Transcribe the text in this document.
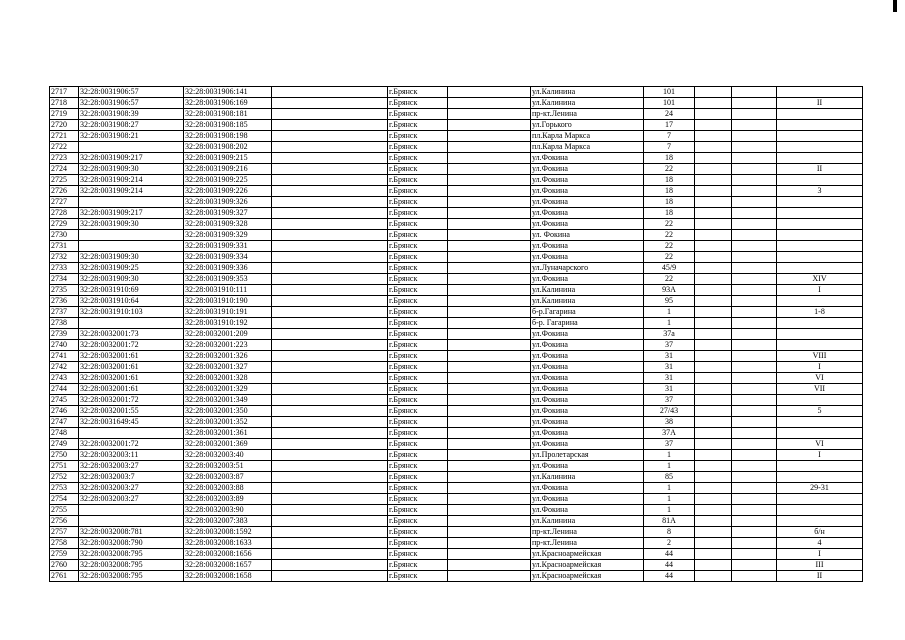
2717	32:28:0031906:57	32:28:0031906:141		г.Брянск		ул.Калинина	101			
2718	32:28:0031906:57	32:28:0031906:169		г.Брянск		ул.Калинина	101			II
2719	32:28:0031908:39	32:28:0031908:181		г.Брянск		пр-кт.Ленина	24			
2720	32:28:0031908:27	32:28:0031908:185		г.Брянск		ул.Горького	17			
2721	32:28:0031908:21	32:28:0031908:198		г.Брянск		пл.Карла Маркса	7			
2722		32:28:0031908:202		г.Брянск		пл.Карла Маркса	7			
2723	32:28:0031909:217	32:28:0031909:215		г.Брянск		ул.Фокина	18			
2724	32:28:0031909:30	32:28:0031909:216		г.Брянск		ул.Фокина	22			II
2725	32:28:0031909:214	32:28:0031909:225		г.Брянск		ул.Фокина	18			
2726	32:28:0031909:214	32:28:0031909:226		г.Брянск		ул.Фокина	18			3
2727		32:28:0031909:326		г.Брянск		ул.Фокина	18			
2728	32:28:0031909:217	32:28:0031909:327		г.Брянск		ул.Фокина	18			
2729	32:28:0031909:30	32:28:0031909:328		г.Брянск		ул.Фокина	22			
2730		32:28:0031909:329		г.Брянск		ул. Фокина	22			
2731		32:28:0031909:331		г.Брянск		ул.Фокина	22			
2732	32:28:0031909:30	32:28:0031909:334		г.Брянск		ул.Фокина	22			
2733	32:28:0031909:25	32:28:0031909:336		г.Брянск		ул.Луначарского	45/9			
2734	32:28:0031909:30	32:28:0031909:353		г.Брянск		ул.Фокина	22			XIV
2735	32:28:0031910:69	32:28:0031910:111		г.Брянск		ул.Калинина	93А			I
2736	32:28:0031910:64	32:28:0031910:190		г.Брянск		ул.Калинина	95			
2737	32:28:0031910:103	32:28:0031910:191		г.Брянск		б-р.Гагарина	1			1-8
2738		32:28:0031910:192		г.Брянск		б-р. Гагарина	1			
2739	32:28:0032001:73	32:28:0032001:209		г.Брянск		ул.Фокина	37а			
2740	32:28:0032001:72	32:28:0032001:223		г.Брянск		ул.Фокина	37			
2741	32:28:0032001:61	32:28:0032001:326		г.Брянск		ул.Фокина	31			VIII
2742	32:28:0032001:61	32:28:0032001:327		г.Брянск		ул.Фокина	31			I
2743	32:28:0032001:61	32:28:0032001:328		г.Брянск		ул.Фокина	31			VI
2744	32:28:0032001:61	32:28:0032001:329		г.Брянск		ул.Фокина	31			VII
2745	32:28:0032001:72	32:28:0032001:349		г.Брянск		ул.Фокина	37			
2746	32:28:0032001:55	32:28:0032001:350		г.Брянск		ул.Фокина	27/43			5
2747	32:28:0031649:45	32:28:0032001:352		г.Брянск		ул.Фокина	38			
2748		32:28:0032001:361		г.Брянск		ул.Фокина	37А			
2749	32:28:0032001:72	32:28:0032001:369		г.Брянск		ул.Фокина	37			VI
2750	32:28:0032003:11	32:28:0032003:40		г.Брянск		ул.Пролетарская	1			I
2751	32:28:0032003:27	32:28:0032003:51		г.Брянск		ул.Фокина	1			
2752	32:28:0032003:7	32:28:0032003:87		г.Брянск		ул.Калинина	85			
2753	32:28:0032003:27	32:28:0032003:88		г.Брянск		ул.Фокина	1			29-31
2754	32:28:0032003:27	32:28:0032003:89		г.Брянск		ул.Фокина	1			
2755		32:28:0032003:90		г.Брянск		ул.Фокина	1			
2756		32:28:0032007:383		г.Брянск		ул.Калинина	81А			
2757	32:28:0032008:781	32:28:0032008:1592		г.Брянск		пр-кт.Ленина	8			б/н
2758	32:28:0032008:790	32:28:0032008:1633		г.Брянск		пр-кт.Ленина	2			4
2759	32:28:0032008:795	32:28:0032008:1656		г.Брянск		ул.Красноармейская	44			I
2760	32:28:0032008:795	32:28:0032008:1657		г.Брянск		ул.Красноармейская	44			III
2761	32:28:0032008:795	32:28:0032008:1658		г.Брянск		ул.Красноармейская	44			II
